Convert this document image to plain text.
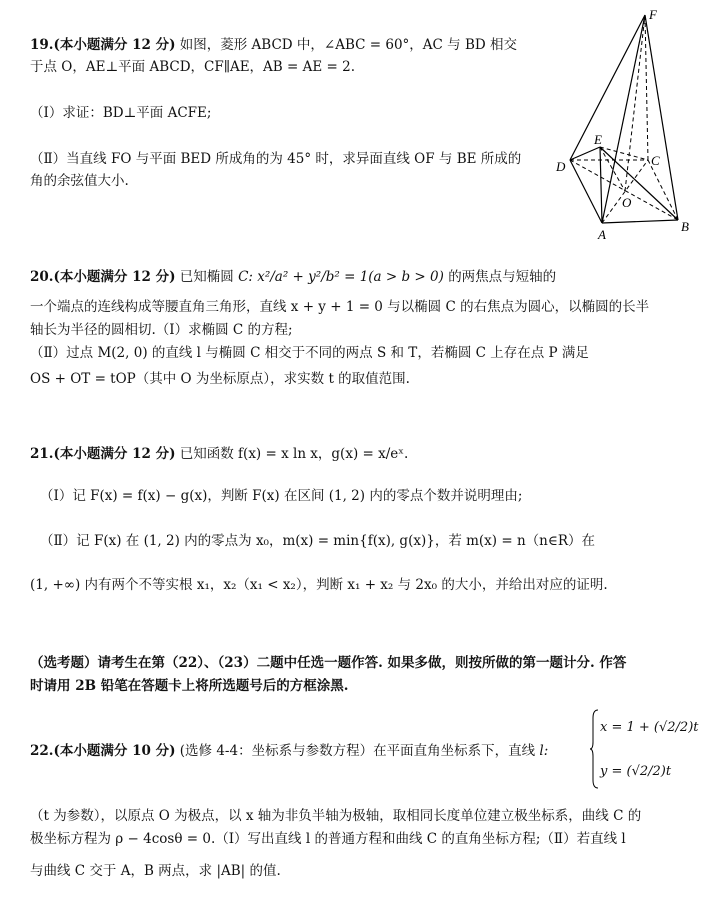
19.(本小题满分 12 分) 如图，菱形 ABCD 中，∠ABC = 60°，AC 与 BD 相交
于点 O，AE⊥平面 ABCD，CF∥AE，AB = AE = 2.
（Ⅰ）求证：BD⊥平面 ACFE;
（Ⅱ）当直线 FO 与平面 BED 所成角的为 45° 时，求异面直线 OF 与 BE 所成的
角的余弦值大小.
F
E
D	C
O
A
B
20.(本小题满分 12 分) 已知椭圆 C: x²/a² + y²/b² = 1(a > b > 0) 的两焦点与短轴的
一个端点的连线构成等腰直角三角形，直线 x + y + 1 = 0 与以椭圆 C 的右焦点为圆心，以椭圆的长半
轴长为半径的圆相切.（Ⅰ）求椭圆 C 的方程;
（Ⅱ）过点 M(2, 0) 的直线 l 与椭圆 C 相交于不同的两点 S 和 T，若椭圆 C 上存在点 P 满足
OS + OT = tOP（其中 O 为坐标原点），求实数 t 的取值范围.
21.(本小题满分 12 分) 已知函数 f(x) = x ln x，g(x) = x/eˣ.
（Ⅰ）记 F(x) = f(x) − g(x)，判断 F(x) 在区间 (1, 2) 内的零点个数并说明理由;
（Ⅱ）记 F(x) 在 (1, 2) 内的零点为 x₀，m(x) = min{f(x), g(x)}，若 m(x) = n（n∈R）在
(1, +∞) 内有两个不等实根 x₁，x₂（x₁ < x₂），判断 x₁ + x₂ 与 2x₀ 的大小，并给出对应的证明.
（选考题）请考生在第（22）、（23）二题中任选一题作答. 如果多做，则按所做的第一题计分. 作答
时请用 2B 铅笔在答题卡上将所选题号后的方框涂黑.
22.(本小题满分 10 分) (选修 4-4：坐标系与参数方程）在平面直角坐标系下，直线 l:
x = 1 + (√2/2)t
y = (√2/2)t
（t 为参数），以原点 O 为极点，以 x 轴为非负半轴为极轴，取相同长度单位建立极坐标系，曲线 C 的
极坐标方程为 ρ − 4cosθ = 0.（Ⅰ）写出直线 l 的普通方程和曲线 C 的直角坐标方程;（Ⅱ）若直线 l
与曲线 C 交于 A，B 两点，求 |AB| 的值.
